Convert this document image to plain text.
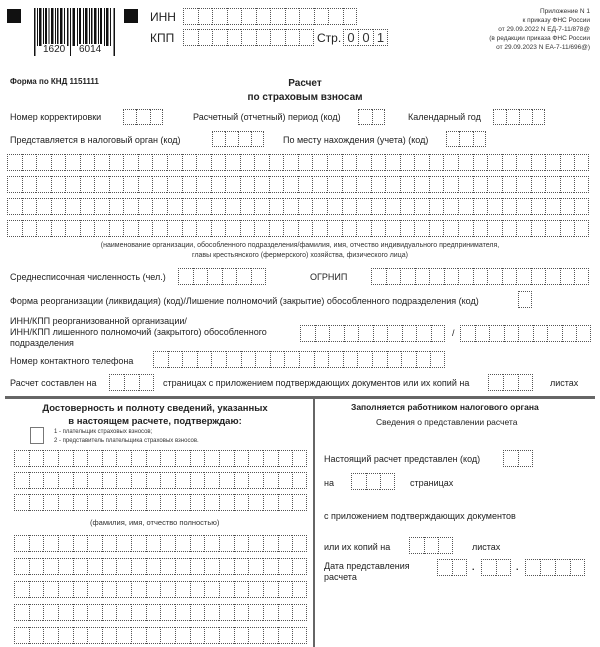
1620 6014
ИНН
КПП	Стр. 0 0 1
Приложение N 1
к приказу ФНС России
от 29.09.2022 N ЕД-7-11/878@
(в редакции приказа ФНС России
от 29.09.2023 N ЕА-7-11/696@)
Форма по КНД 1151111	Расчет
по страховым взносам
Номер корректировки	Расчетный (отчетный) период (код)	Календарный год
Представляется в налоговый орган (код)	По месту нахождения (учета) (код)
(наименование организации, обособленного подразделения/фамилия, имя, отчество индивидуального предпринимателя,
главы крестьянского (фермерского) хозяйства, физического лица)
Среднесписочная численность (чел.)	ОГРНИП
Форма реорганизации (ликвидация) (код)/Лишение полномочий (закрытие) обособленного подразделения (код)
ИНН/КПП реорганизованной организации/
ИНН/КПП лишенного полномочий (закрытого) обособленного
подразделения
/
Номер контактного телефона
Расчет составлен на	страницах с приложением подтверждающих документов или их копий на	листах
Достоверность и полноту сведений, указанных
в настоящем расчете, подтверждаю:
1 - плательщик страховых взносов;
2 - представитель плательщика страховых взносов.
(фамилия, имя, отчество полностью)
Заполняется работником налогового органа
Сведения о представлении расчета
Настоящий расчет представлен (код)
на	страницах
с приложением подтверждающих документов
или их копий на	листах
Дата представления
расчета
.	.
